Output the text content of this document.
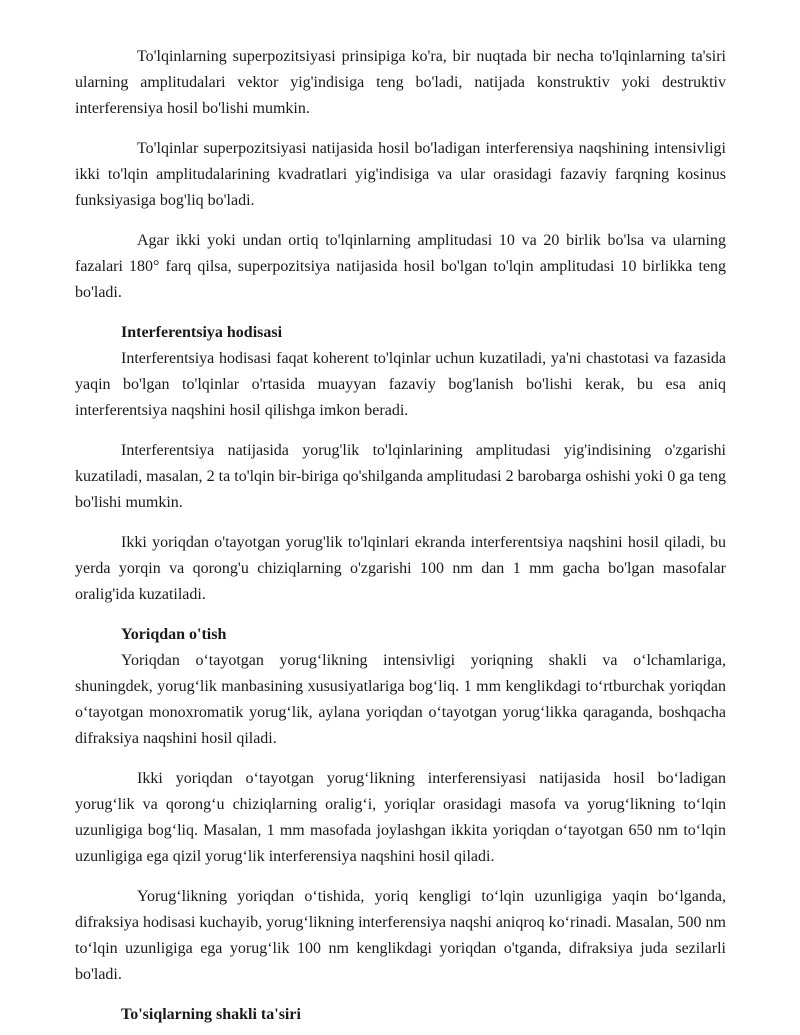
To'lqinlarning superpozitsiyasi prinsipiga ko'ra, bir nuqtada bir necha to'lqinlarning ta'siri ularning amplitudalari vektor yig'indisiga teng bo'ladi, natijada konstruktiv yoki destruktiv interferensiya hosil bo'lishi mumkin.

To'lqinlar superpozitsiyasi natijasida hosil bo'ladigan interferensiya naqshining intensivligi ikki to'lqin amplitudalarining kvadratlari yig'indisiga va ular orasidagi fazaviy farqning kosinus funksiyasiga bog'liq bo'ladi.

Agar ikki yoki undan ortiq to'lqinlarning amplitudasi 10 va 20 birlik bo'lsa va ularning fazalari 180° farq qilsa, superpozitsiya natijasida hosil bo'lgan to'lqin amplitudasi 10 birlikka teng bo'ladi.

Interferentsiya hodisasi

Interferentsiya hodisasi faqat koherent to'lqinlar uchun kuzatiladi, ya'ni chastotasi va fazasida yaqin bo'lgan to'lqinlar o'rtasida muayyan fazaviy bog'lanish bo'lishi kerak, bu esa aniq interferentsiya naqshini hosil qilishga imkon beradi.

Interferentsiya natijasida yorug'lik to'lqinlarining amplitudasi yig'indisining o'zgarishi kuzatiladi, masalan, 2 ta to'lqin bir-biriga qo'shilganda amplitudasi 2 barobarga oshishi yoki 0 ga teng bo'lishi mumkin.

Ikki yoriqdan o'tayotgan yorug'lik to'lqinlari ekranda interferentsiya naqshini hosil qiladi, bu yerda yorqin va qorong'u chiziqlarning o'zgarishi 100 nm dan 1 mm gacha bo'lgan masofalar oralig'ida kuzatiladi.

Yoriqdan o'tish

Yoriqdan o‘tayotgan yorug‘likning intensivligi yoriqning shakli va o‘lchamlariga, shuningdek, yorug‘lik manbasining xususiyatlariga bog‘liq. 1 mm kenglikdagi to‘rtburchak yoriqdan o‘tayotgan monoxromatik yorug‘lik, aylana yoriqdan o‘tayotgan yorug‘likka qaraganda, boshqacha difraksiya naqshini hosil qiladi.

Ikki yoriqdan o‘tayotgan yorug‘likning interferensiyasi natijasida hosil bo‘ladigan yorug‘lik va qorong‘u chiziqlarning oralig‘i, yoriqlar orasidagi masofa va yorug‘likning to‘lqin uzunligiga bog‘liq. Masalan, 1 mm masofada joylashgan ikkita yoriqdan o‘tayotgan 650 nm to‘lqin uzunligiga ega qizil yorug‘lik interferensiya naqshini hosil qiladi.

Yorug‘likning yoriqdan o‘tishida, yoriq kengligi to‘lqin uzunligiga yaqin bo‘lganda, difraksiya hodisasi kuchayib, yorug‘likning interferensiya naqshi aniqroq ko‘rinadi. Masalan, 500 nm to‘lqin uzunligiga ega yorug‘lik 100 nm kenglikdagi yoriqdan o'tganda, difraksiya juda sezilarli bo'ladi.

To'siqlarning shakli ta'siri
